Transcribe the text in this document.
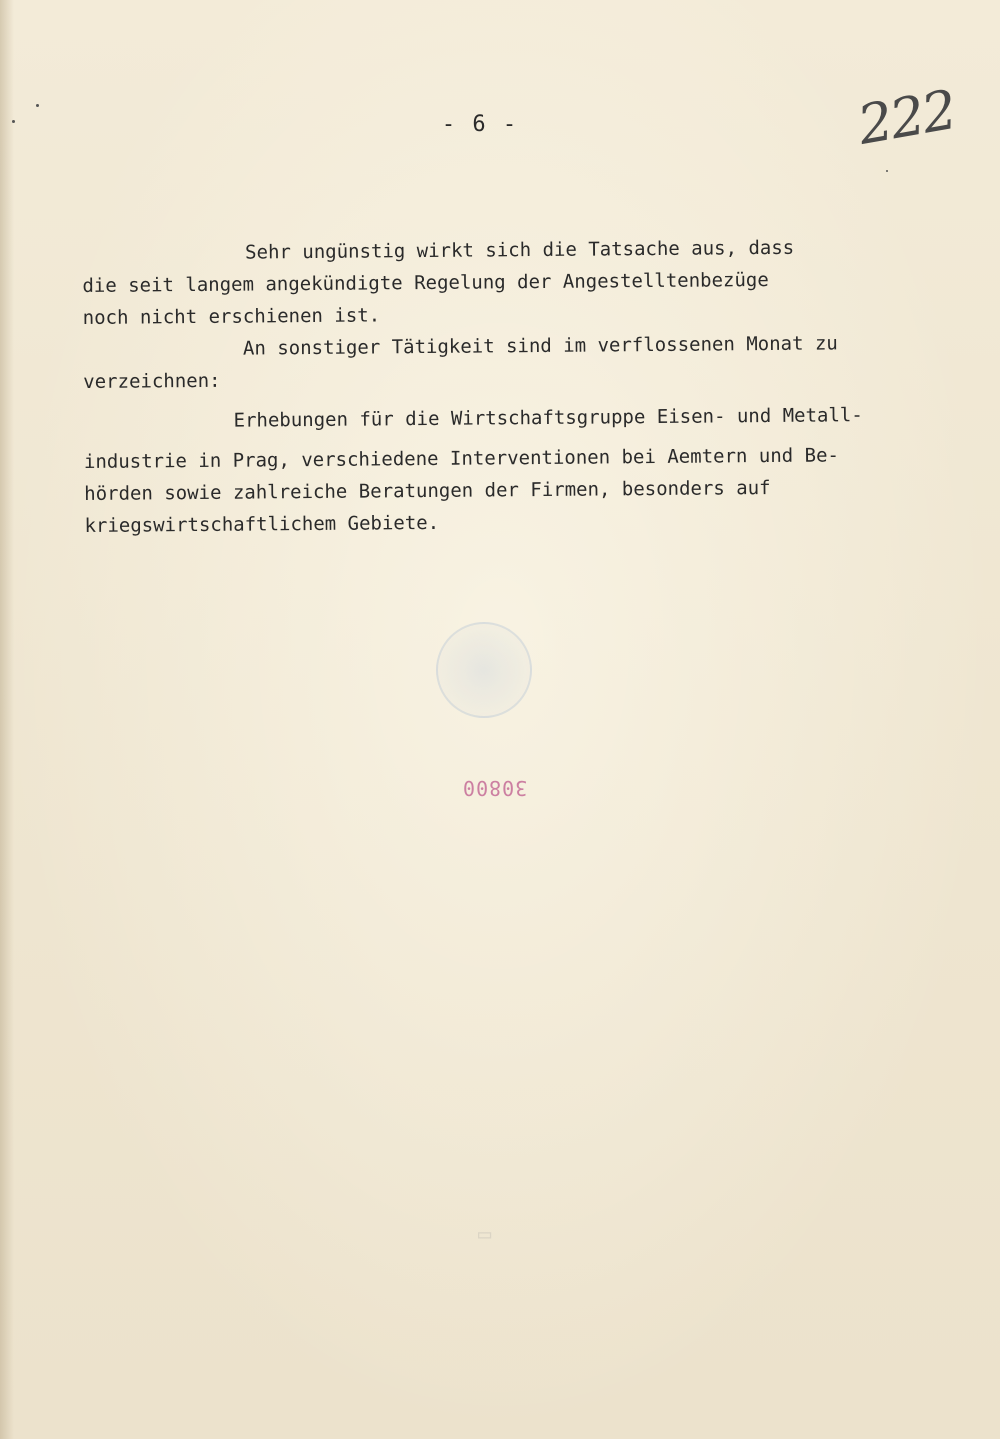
- 6 -	222

Sehr ungünstig wirkt sich die Tatsache aus, dass

die seit langem angekündigte Regelung der Angestelltenbezüge

noch nicht erschienen ist.

An sonstiger Tätigkeit sind im verflossenen Monat zu

verzeichnen:

Erhebungen für die Wirtschaftsgruppe Eisen- und Metall-

industrie in Prag, verschiedene Interventionen bei Aemtern und Be-

hörden sowie zahlreiche Beratungen der Firmen, besonders auf

kriegswirtschaftlichem Gebiete.

30800
▭
